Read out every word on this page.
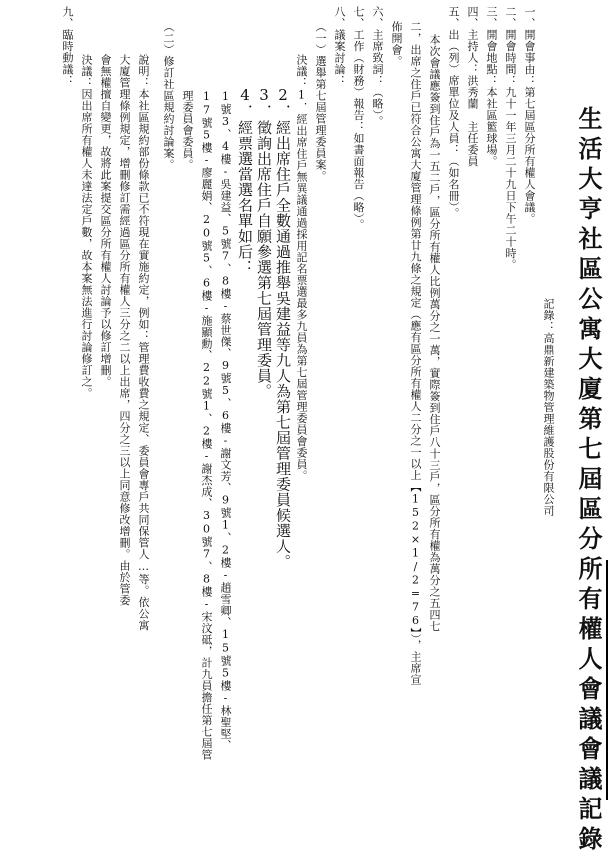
生活大亨社區公寓大廈第七屆區分所有權人會議會議記錄
記錄：高鼎新建築物管理維護股份有限公司
一、開會事由：第七屆區分所有權人會議。
二、開會時間：九十一年三月二十九日下午二十時。
三、開會地點：本社區籃球場。
四、主持人：洪秀蘭　主任委員
五、出（列）席單位及人員：（如名冊）。
本次會議應簽到住戶為一五二戶，區分所有權人比例萬分之一萬，實際簽到住戶八十三戶，區分所有權為萬分之五四七
二，出席之住戶已符合公寓大廈管理條例第廿九條之規定（應有區分所有權人二分之一以上【152×1/2=76】），主席宣
佈開會。
六、主席致詞：（略）。
七、工作（財務）報告：如書面報告（略）。
八、議案討論：
（一）選舉第七屆管理委員案。
決議：1．經出席住戶無異議通過採用記名票選最多九員為第七屆管理委員會委員。
2．經出席住戶全數通過推舉吳建益等九人為第七屆管理委員候選人。
3．徵詢出席住戶自願參選第七屆管理委員。
4．經票選當選名單如后：
1號3、4樓-吳建益、5號7、8樓-蔡世傑、9號5、6樓-謝文芳、9號1、2樓-趙雪卿、15號5樓-林聖堅、
17號5樓-廖麗娟、20號5、6樓-施顯勳、22號1、2樓-謝杰成、30號7、8樓-宋汶砥，計九員擔任第七屆管
理委員會委員。
（二）修訂社區規約討論案。
說明：本社區規約部份條款已不符現在實施約定，例如：管理費收費之規定、委員會專戶共同保管人…等。依公寓
大廈管理條例規定，增刪修訂需經過區分所有權人三分之二以上出席，四分之三以上同意修改增刪。由於管委
會無權擅自變更，故將此案提交區分所有權人討論予以修訂增刪。
決議：因出席所有權人未達法定戶數，故本案無法進行討論修訂之。
九、臨時動議：
